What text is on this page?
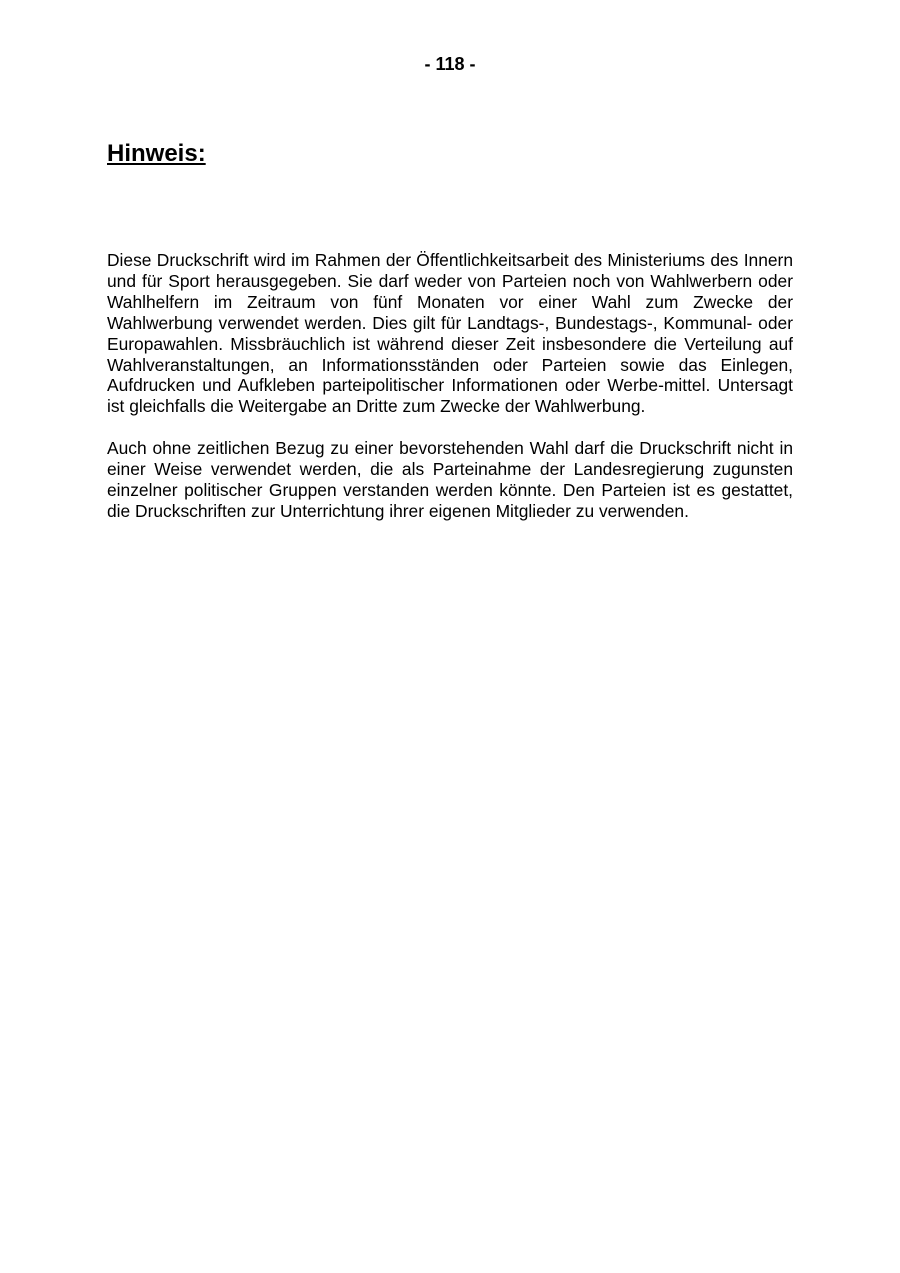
- 118 -
Hinweis:

Diese Druckschrift wird im Rahmen der Öffentlichkeitsarbeit des Ministeriums des Innern und für Sport herausgegeben. Sie darf weder von Parteien noch von Wahlwerbern oder Wahlhelfern im Zeitraum von fünf Monaten vor einer Wahl zum Zwecke der Wahlwerbung verwendet werden. Dies gilt für Landtags-, Bundestags-, Kommunal- oder Europawahlen. Missbräuchlich ist während dieser Zeit insbesondere die Verteilung auf Wahlveranstaltungen, an Informationsständen oder Parteien sowie das Einlegen, Aufdrucken und Aufkleben parteipolitischer Informationen oder Werbe-mittel. Untersagt ist gleichfalls die Weitergabe an Dritte zum Zwecke der Wahlwerbung.

Auch ohne zeitlichen Bezug zu einer bevorstehenden Wahl darf die Druckschrift nicht in einer Weise verwendet werden, die als Parteinahme der Landesregierung zugunsten einzelner politischer Gruppen verstanden werden könnte. Den Parteien ist es gestattet, die Druckschriften zur Unterrichtung ihrer eigenen Mitglieder zu verwenden.
